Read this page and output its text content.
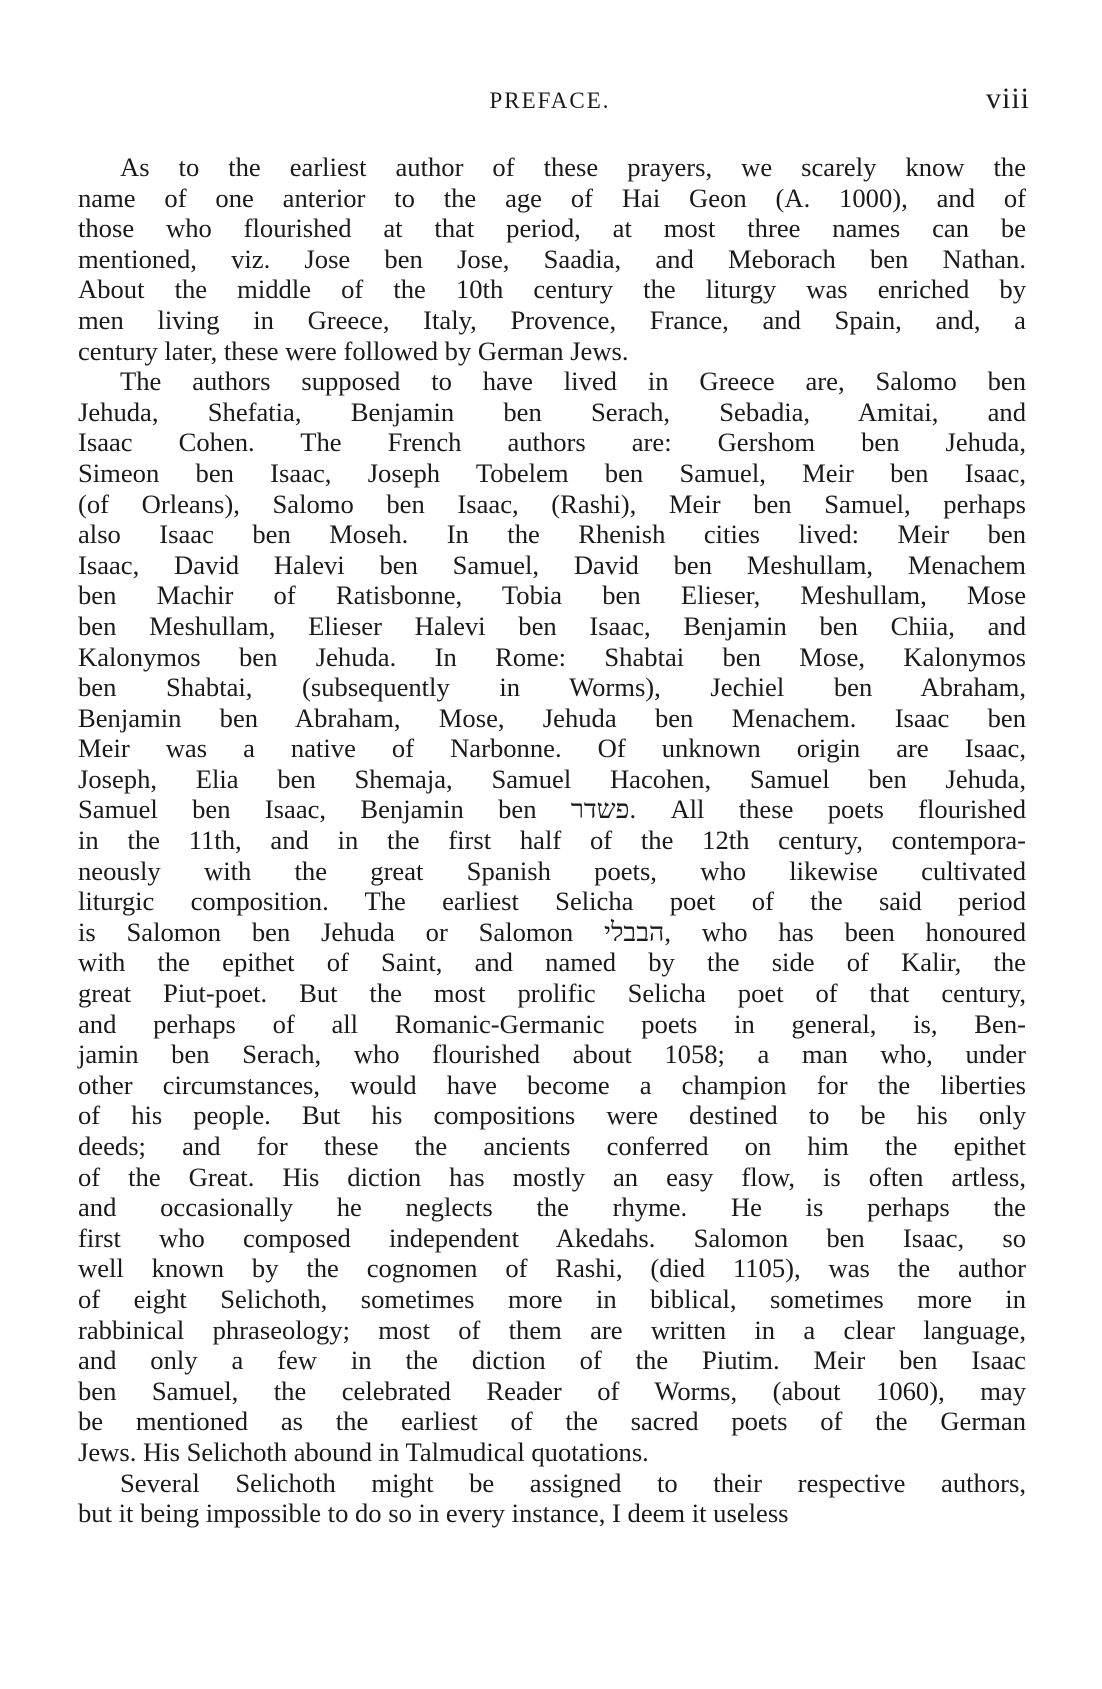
PREFACE.	viii

As to the earliest author of these prayers, we scarely know the
name of one anterior to the age of Hai Geon (A. 1000), and of
those who flourished at that period, at most three names can be
mentioned, viz. Jose ben Jose, Saadia, and Meborach ben Nathan.
About the middle of the 10th century the liturgy was enriched by
men living in Greece, Italy, Provence, France, and Spain, and, a
century later, these were followed by German Jews.

The authors supposed to have lived in Greece are, Salomo ben
Jehuda, Shefatia, Benjamin ben Serach, Sebadia, Amitai, and
Isaac Cohen. The French authors are: Gershom ben Jehuda,
Simeon ben Isaac, Joseph Tobelem ben Samuel, Meir ben Isaac,
(of Orleans), Salomo ben Isaac, (Rashi), Meir ben Samuel, perhaps
also Isaac ben Moseh. In the Rhenish cities lived: Meir ben
Isaac, David Halevi ben Samuel, David ben Meshullam, Menachem
ben Machir of Ratisbonne, Tobia ben Elieser, Meshullam, Mose
ben Meshullam, Elieser Halevi ben Isaac, Benjamin ben Chiia, and
Kalonymos ben Jehuda. In Rome: Shabtai ben Mose, Kalonymos
ben Shabtai, (subsequently in Worms), Jechiel ben Abraham,
Benjamin ben Abraham, Mose, Jehuda ben Menachem. Isaac ben
Meir was a native of Narbonne. Of unknown origin are Isaac,
Joseph, Elia ben Shemaja, Samuel Hacohen, Samuel ben Jehuda,
Samuel ben Isaac, Benjamin ben פשדר. All these poets flourished
in the 11th, and in the first half of the 12th century, contempora-
neously with the great Spanish poets, who likewise cultivated
liturgic composition. The earliest Selicha poet of the said period
is Salomon ben Jehuda or Salomon הבבלי, who has been honoured
with the epithet of Saint, and named by the side of Kalir, the
great Piut-poet. But the most prolific Selicha poet of that century,
and perhaps of all Romanic-Germanic poets in general, is, Ben-
jamin ben Serach, who flourished about 1058; a man who, under
other circumstances, would have become a champion for the liberties
of his people. But his compositions were destined to be his only
deeds; and for these the ancients conferred on him the epithet
of the Great. His diction has mostly an easy flow, is often artless,
and occasionally he neglects the rhyme. He is perhaps the
first who composed independent Akedahs. Salomon ben Isaac, so
well known by the cognomen of Rashi, (died 1105), was the author
of eight Selichoth, sometimes more in biblical, sometimes more in
rabbinical phraseology; most of them are written in a clear language,
and only a few in the diction of the Piutim. Meir ben Isaac
ben Samuel, the celebrated Reader of Worms, (about 1060), may
be mentioned as the earliest of the sacred poets of the German
Jews. His Selichoth abound in Talmudical quotations.

Several Selichoth might be assigned to their respective authors,
but it being impossible to do so in every instance, I deem it useless
